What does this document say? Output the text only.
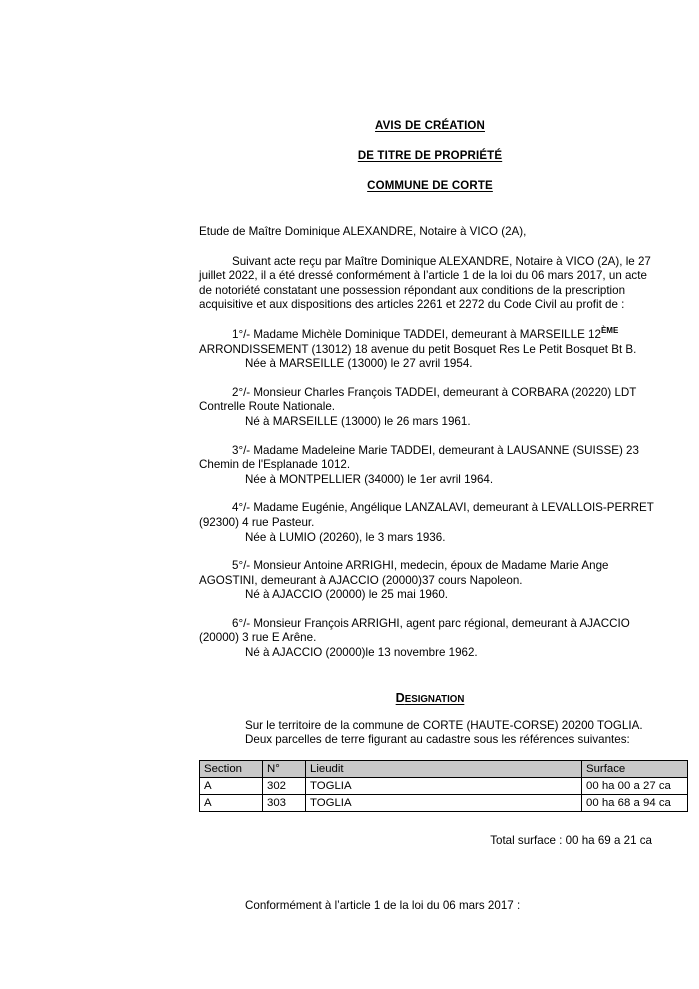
AVIS DE CRÉATION
DE TITRE DE PROPRIÉTÉ
COMMUNE DE CORTE

Etude de Maître Dominique ALEXANDRE, Notaire à VICO (2A),

Suivant acte reçu par Maître Dominique ALEXANDRE, Notaire à VICO (2A), le 27 juillet 2022, il a été dressé conformément à l’article 1 de la loi du 06 mars 2017, un acte de notoriété constatant une possession répondant aux conditions de la prescription acquisitive et aux dispositions des articles 2261 et 2272 du Code Civil au profit de :

1°/- Madame Michèle Dominique TADDEI, demeurant à MARSEILLE 12ÈME ARRONDISSEMENT (13012) 18 avenue du petit Bosquet Res Le Petit Bosquet Bt B.

Née à MARSEILLE (13000) le 27 avril 1954.

2°/- Monsieur Charles François TADDEI, demeurant à CORBARA (20220) LDT Contrelle Route Nationale.

Né à MARSEILLE (13000) le 26 mars 1961.

3°/- Madame Madeleine Marie TADDEI, demeurant à LAUSANNE (SUISSE) 23 Chemin de l'Esplanade 1012.

Née à MONTPELLIER (34000) le 1er avril 1964.

4°/- Madame Eugénie, Angélique LANZALAVI, demeurant à LEVALLOIS-PERRET (92300) 4 rue Pasteur.

Née à LUMIO (20260), le 3 mars 1936.

5°/- Monsieur Antoine ARRIGHI, medecin, époux de Madame Marie Ange AGOSTINI, demeurant à AJACCIO (20000)37 cours Napoleon.

Né à AJACCIO (20000) le 25 mai 1960.

6°/- Monsieur François ARRIGHI, agent parc régional, demeurant à AJACCIO (20000) 3 rue E Arêne.

Né à AJACCIO (20000)le 13 novembre 1962.

DESIGNATION

Sur le territoire de la commune de CORTE (HAUTE-CORSE) 20200 TOGLIA.

Deux parcelles de terre figurant au cadastre sous les références suivantes:

Section	N°	Lieudit	Surface
A	302	TOGLIA	00 ha 00 a 27 ca
A	303	TOGLIA	00 ha 68 a 94 ca

Total surface : 00 ha 69 a 21 ca

Conformément à l’article 1 de la loi du 06 mars 2017 :
